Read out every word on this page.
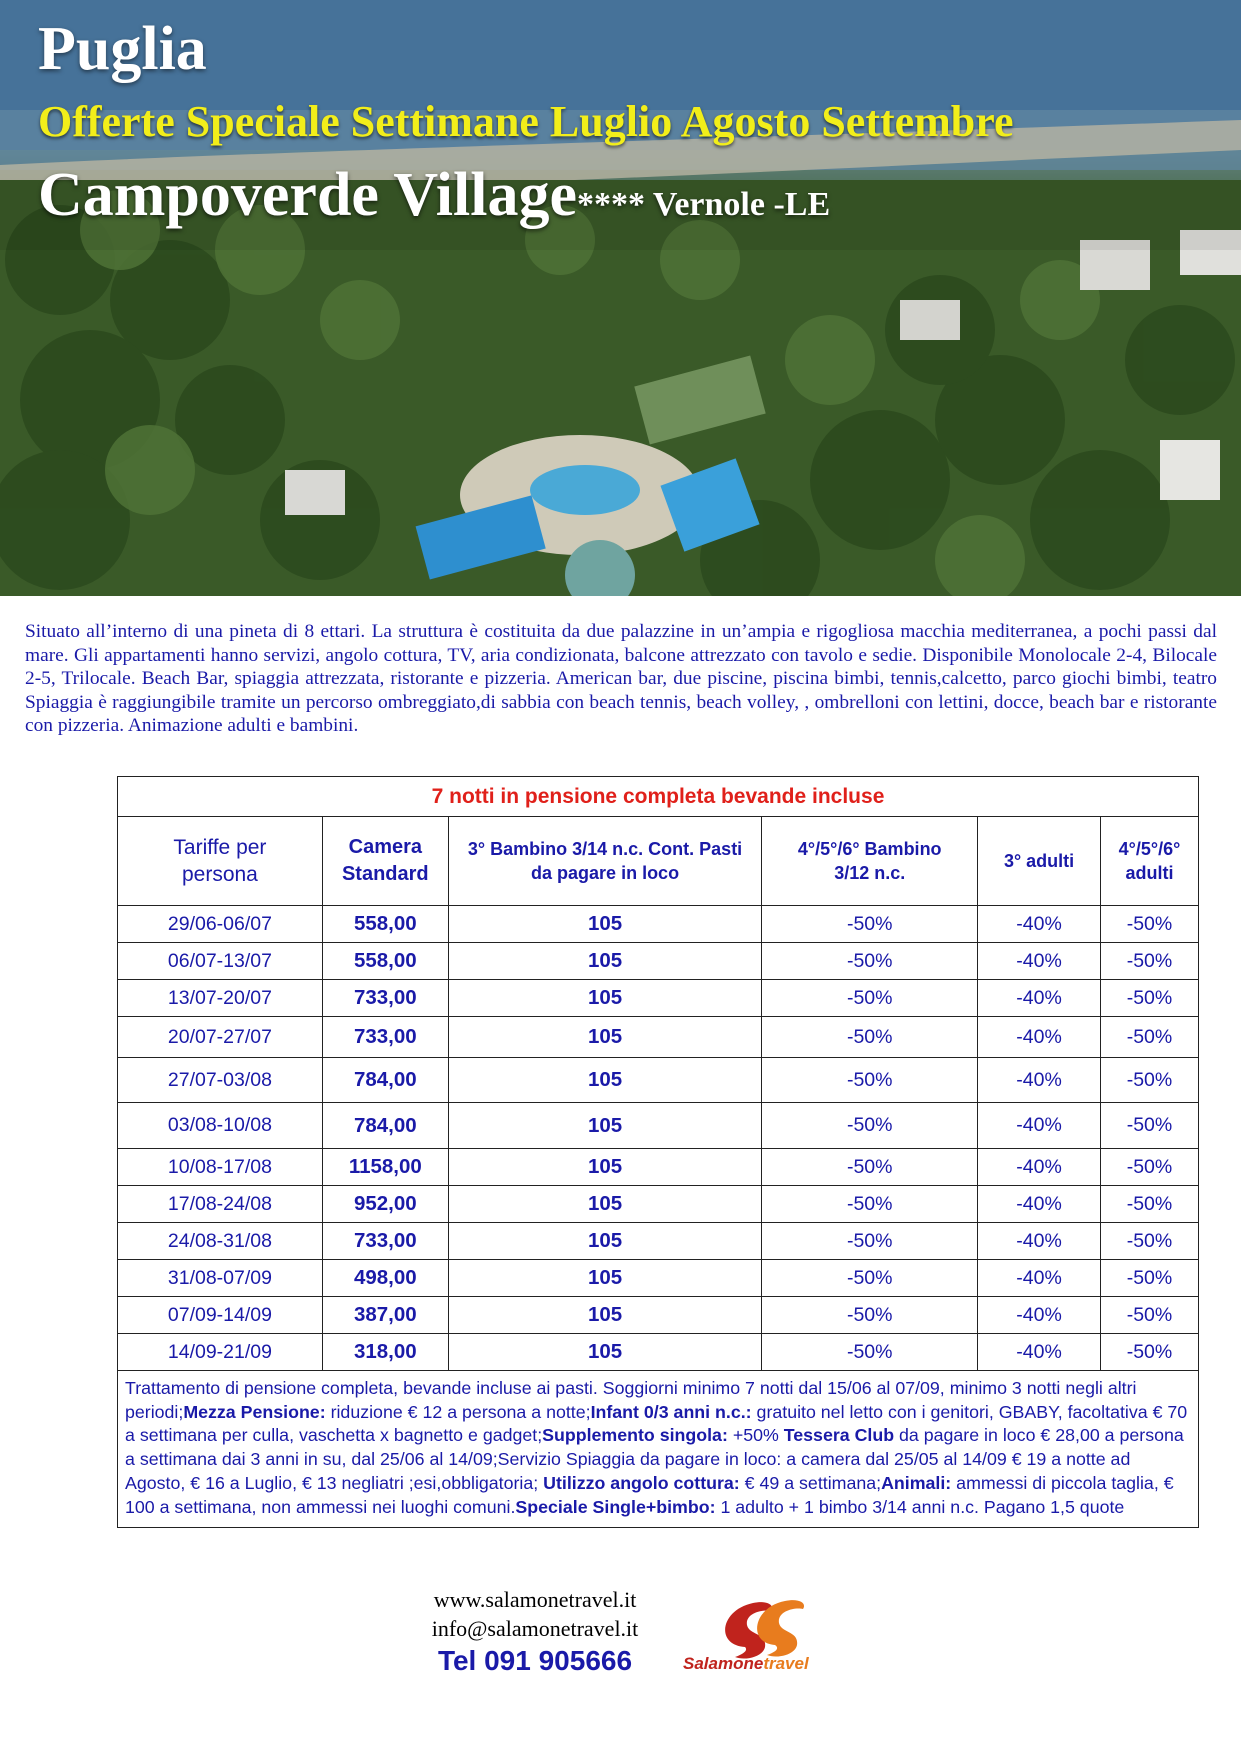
Puglia
Offerte Speciale Settimane Luglio Agosto Settembre
Campoverde Village**** Vernole -LE
Situato all’interno di una pineta di 8 ettari. La struttura è costituita da due palazzine in un’ampia e rigogliosa macchia mediterranea, a pochi passi dal mare. Gli appartamenti hanno servizi, angolo cottura, TV, aria condizionata, balcone attrezzato con tavolo e sedie. Disponibile Monolocale 2-4, Bilocale 2-5, Trilocale. Beach Bar, spiaggia attrezzata, ristorante e pizzeria. American bar, due piscine, piscina bimbi, tennis,calcetto, parco giochi bimbi, teatro Spiaggia è raggiungibile tramite un percorso ombreggiato,di sabbia con beach tennis, beach volley, , ombrelloni con lettini, docce, beach bar e ristorante con pizzeria. Animazione adulti e bambini.
7 notti in pensione completa bevande incluse					

Tariffe per persona	Camera Standard	3° Bambino 3/14 n.c. Cont. Pasti da pagare in loco	4°/5°/6° Bambino 3/12 n.c.	3° adulti	4°/5°/6° adulti

29/06-06/07	558,00	105	-50%	-40%	-50%
06/07-13/07	558,00	105	-50%	-40%	-50%
13/07-20/07	733,00	105	-50%	-40%	-50%
20/07-27/07	733,00	105	-50%	-40%	-50%
27/07-03/08	784,00	105	-50%	-40%	-50%
03/08-10/08	784,00	105	-50%	-40%	-50%
10/08-17/08	1158,00	105	-50%	-40%	-50%
17/08-24/08	952,00	105	-50%	-40%	-50%
24/08-31/08	733,00	105	-50%	-40%	-50%
31/08-07/09	498,00	105	-50%	-40%	-50%
07/09-14/09	387,00	105	-50%	-40%	-50%
14/09-21/09	318,00	105	-50%	-40%	-50%
Trattamento di pensione completa, bevande incluse ai pasti. Soggiorni minimo 7 notti dal 15/06 al 07/09, minimo 3 notti negli altri periodi;Mezza Pensione: riduzione € 12 a persona a notte;Infant 0/3 anni n.c.: gratuito nel letto con i genitori, GBABY, facoltativa € 70 a settimana per culla, vaschetta x bagnetto e gadget;Supplemento singola: +50% Tessera Club da pagare in loco € 28,00 a persona a settimana dai 3 anni in su, dal 25/06 al 14/09;Servizio Spiaggia da pagare in loco: a camera dal 25/05 al 14/09 € 19 a notte ad Agosto, € 16 a Luglio, € 13 negliatri ;esi,obbligatoria; Utilizzo angolo cottura: € 49 a settimana;Animali: ammessi di piccola taglia, € 100 a settimana, non ammessi nei luoghi comuni.Speciale Single+bimbo: 1 adulto + 1 bimbo 3/14 anni n.c. Pagano 1,5 quote					
www.salamonetravel.it
info@salamonetravel.it
Tel 091 905666	Salamonetravel
